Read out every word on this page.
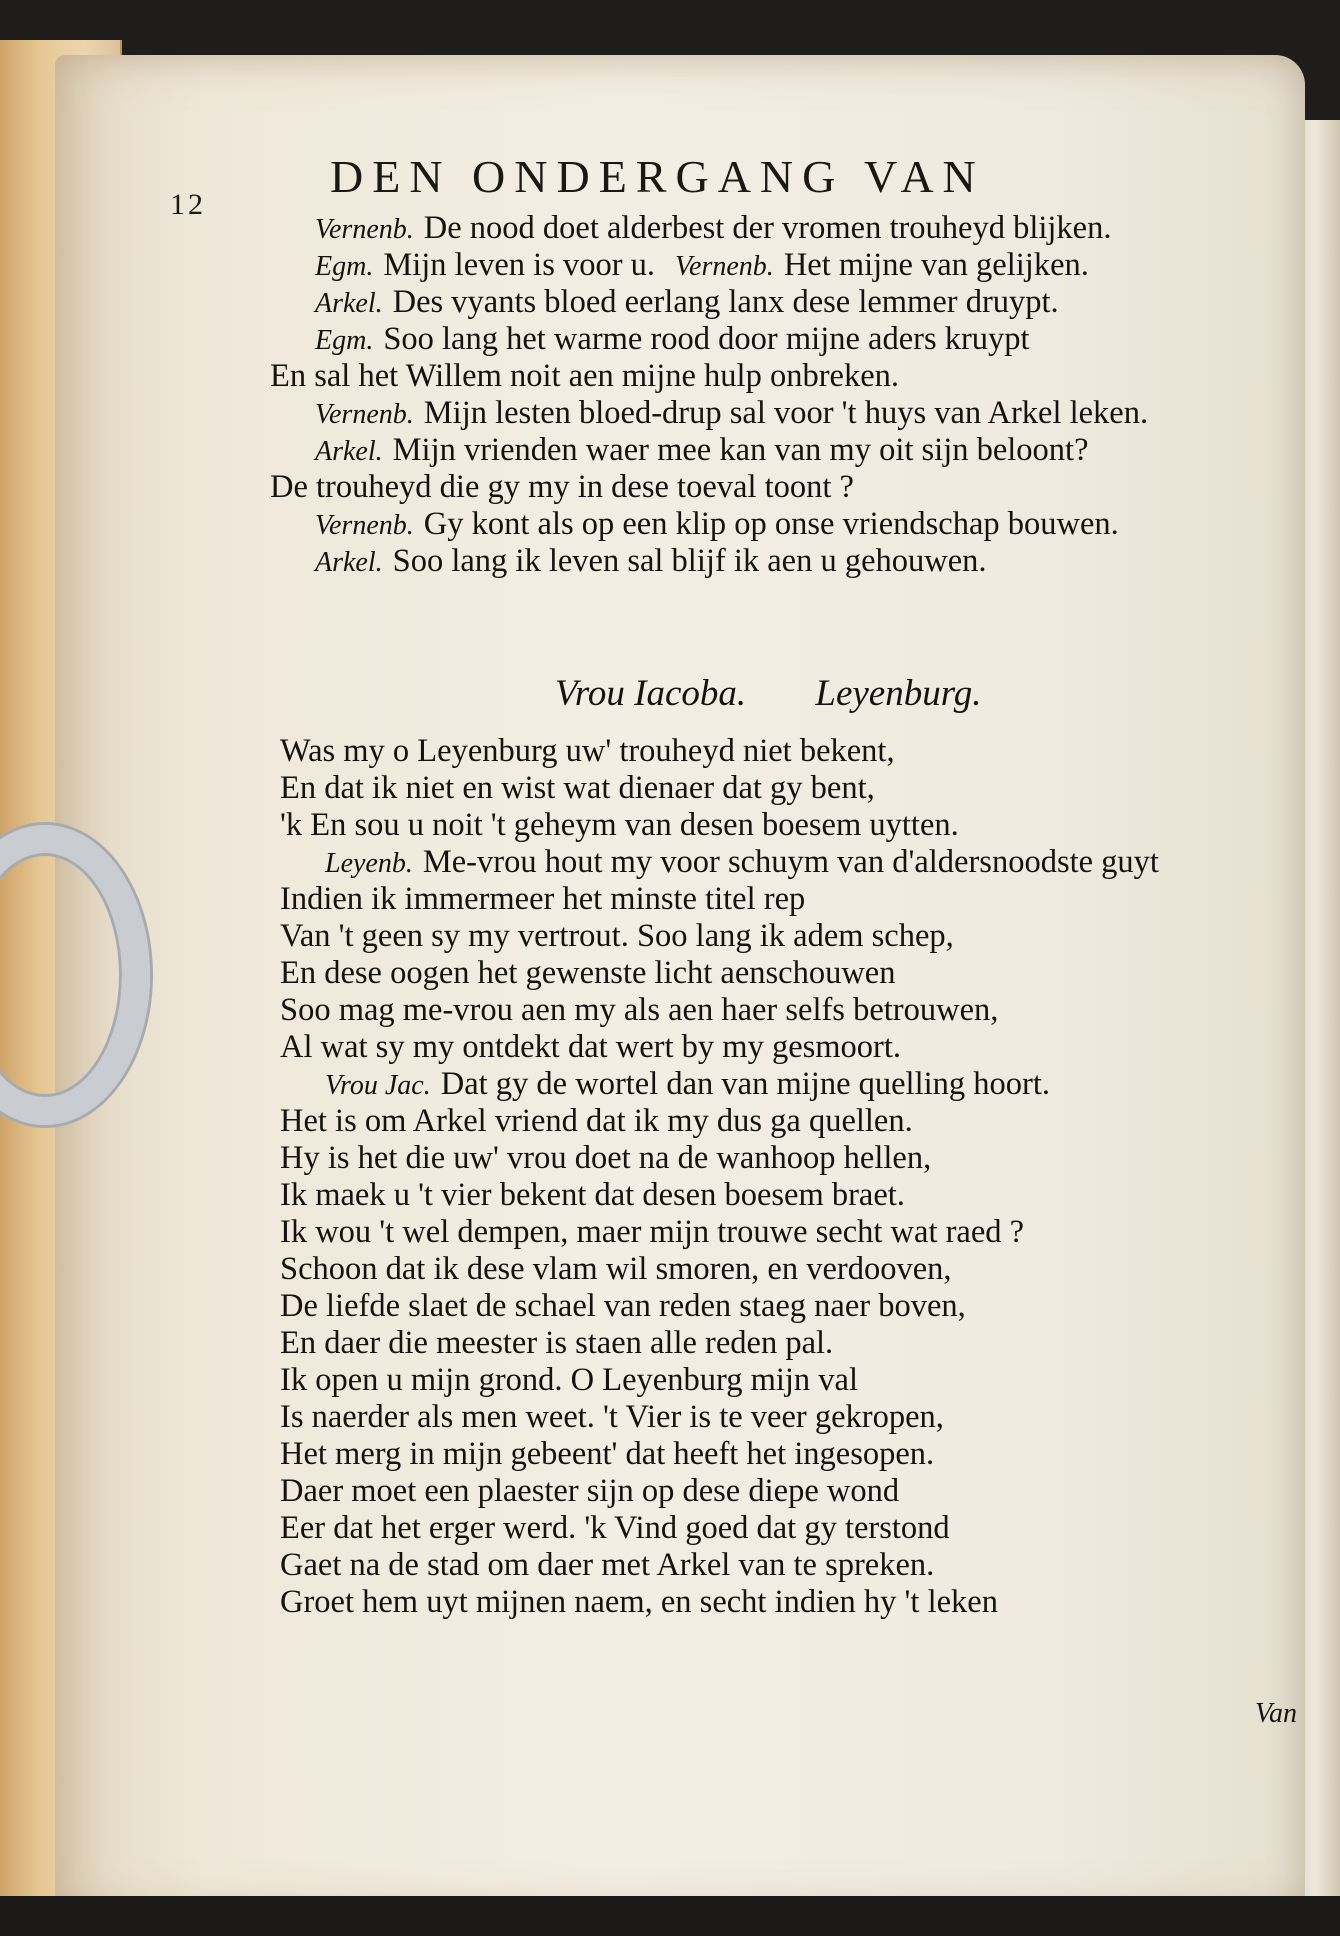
12
DEN ONDERGANG VAN
Vernenb. De nood doet alderbest der vromen trouheyd blijken.
Egm. Mijn leven is voor u. Vernenb. Het mijne van gelijken.
Arkel. Des vyants bloed eerlang lanx dese lemmer druypt.
Egm. Soo lang het warme rood door mijne aders kruypt
En sal het Willem noit aen mijne hulp onbreken.
Vernenb. Mijn lesten bloed-drup sal voor 't huys van Arkel leken.
Arkel. Mijn vrienden waer mee kan van my oit sijn beloont?
De trouheyd die gy my in dese toeval toont ?
Vernenb. Gy kont als op een klip op onse vriendschap bouwen.
Arkel. Soo lang ik leven sal blijf ik aen u gehouwen.
Vrou Iacoba. Leyenburg.
Was my o Leyenburg uw' trouheyd niet bekent,
En dat ik niet en wist wat dienaer dat gy bent,
'k En sou u noit 't geheym van desen boesem uytten.
Leyenb. Me-vrou hout my voor schuym van d'aldersnoodste guyt
Indien ik immermeer het minste titel rep
Van 't geen sy my vertrout. Soo lang ik adem schep,
En dese oogen het gewenste licht aenschouwen
Soo mag me-vrou aen my als aen haer selfs betrouwen,
Al wat sy my ontdekt dat wert by my gesmoort.
Vrou Jac. Dat gy de wortel dan van mijne quelling hoort.
Het is om Arkel vriend dat ik my dus ga quellen.
Hy is het die uw' vrou doet na de wanhoop hellen,
Ik maek u 't vier bekent dat desen boesem braet.
Ik wou 't wel dempen, maer mijn trouwe secht wat raed ?
Schoon dat ik dese vlam wil smoren, en verdooven,
De liefde slaet de schael van reden staeg naer boven,
En daer die meester is staen alle reden pal.
Ik open u mijn grond. O Leyenburg mijn val
Is naerder als men weet. 't Vier is te veer gekropen,
Het merg in mijn gebeent' dat heeft het ingesopen.
Daer moet een plaester sijn op dese diepe wond
Eer dat het erger werd. 'k Vind goed dat gy terstond
Gaet na de stad om daer met Arkel van te spreken.
Groet hem uyt mijnen naem, en secht indien hy 't leken
Van
